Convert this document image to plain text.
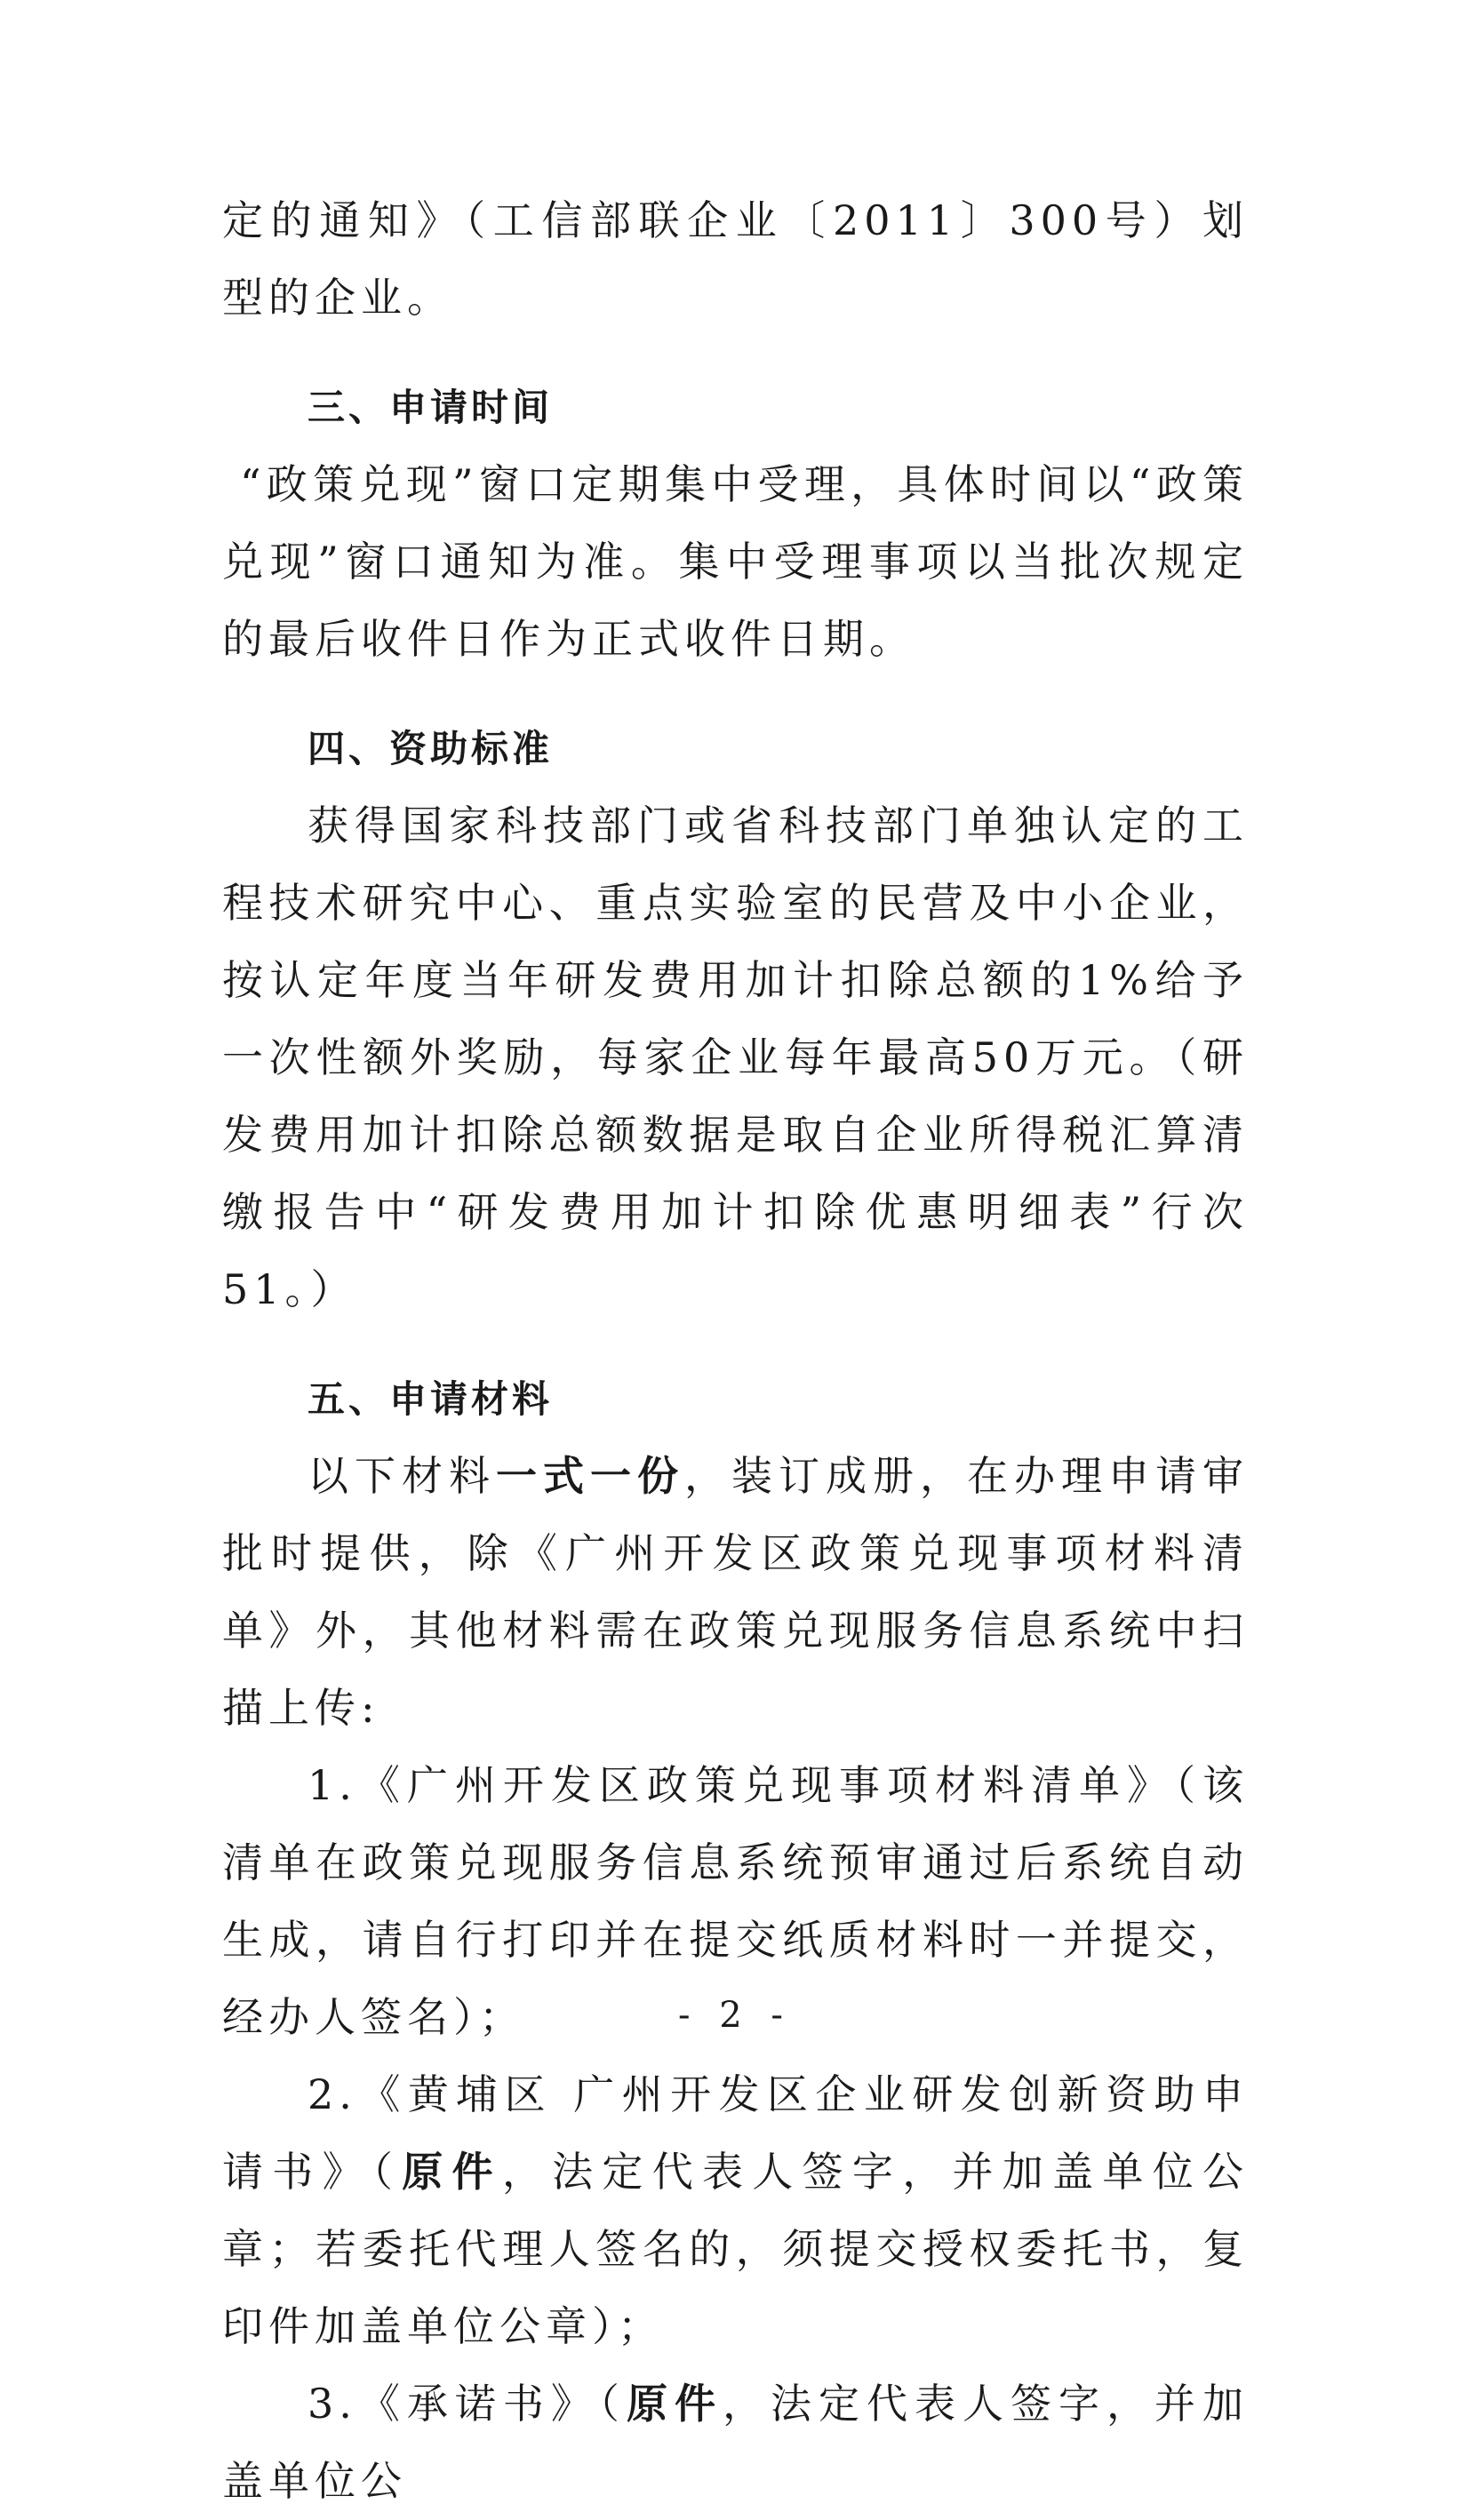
定的通知》（工信部联企业〔2011〕300号）划型的企业。

三、申请时间

“政策兑现”窗口定期集中受理，具体时间以“政策兑现”窗口通知为准。集中受理事项以当批次规定的最后收件日作为正式收件日期。

四、资助标准

获得国家科技部门或省科技部门单独认定的工程技术研究中心、重点实验室的民营及中小企业，按认定年度当年研发费用加计扣除总额的1%给予一次性额外奖励，每家企业每年最高50万元。（研发费用加计扣除总额数据是取自企业所得税汇算清缴报告中“研发费用加计扣除优惠明细表”行次51。）

五、申请材料

以下材料一式一份，装订成册，在办理申请审批时提供，除《广州开发区政策兑现事项材料清单》外，其他材料需在政策兑现服务信息系统中扫描上传:

1.《广州开发区政策兑现事项材料清单》（该清单在政策兑现服务信息系统预审通过后系统自动生成，请自行打印并在提交纸质材料时一并提交，经办人签名）；

2.《黄埔区 广州开发区企业研发创新资助申请书》（原件，法定代表人签字，并加盖单位公章；若委托代理人签名的，须提交授权委托书，复印件加盖单位公章）；

3.《承诺书》（原件，法定代表人签字，并加盖单位公

- 2 -
